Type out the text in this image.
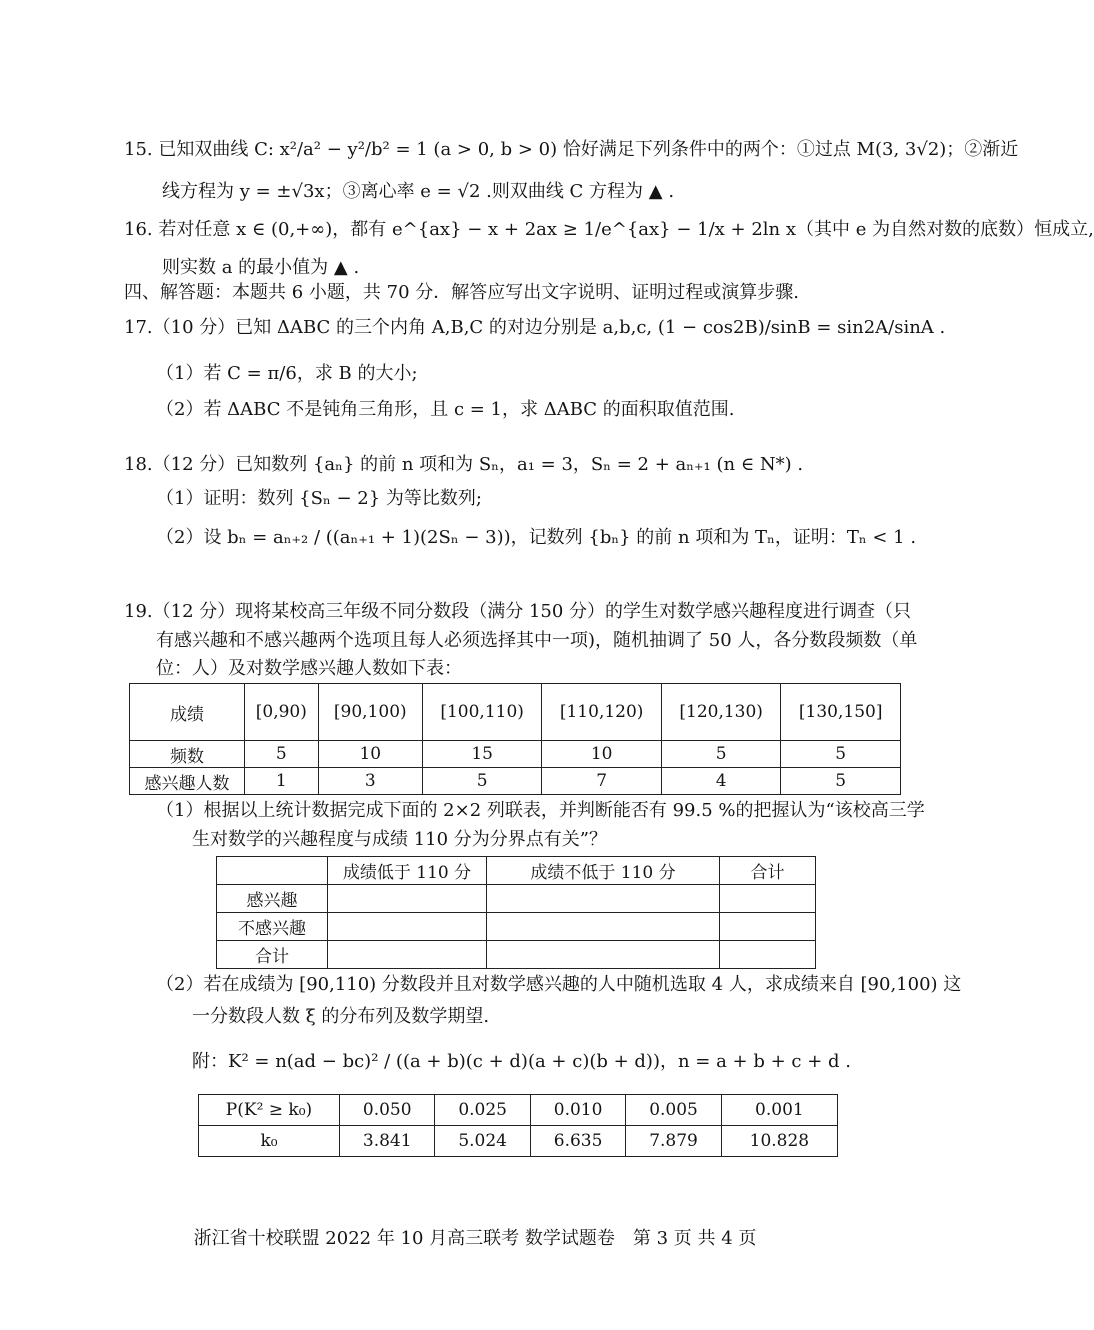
15. 已知双曲线 C: x²/a² − y²/b² = 1 (a > 0, b > 0) 恰好满足下列条件中的两个：①过点 M(3, 3√2)；②渐近
线方程为 y = ±√3x；③离心率 e = √2 .则双曲线 C 方程为 ▲ .
16. 若对任意 x ∈ (0,+∞)，都有 e^{ax} − x + 2ax ≥ 1/e^{ax} − 1/x + 2ln x（其中 e 为自然对数的底数）恒成立,
则实数 a 的最小值为 ▲ .
四、解答题：本题共 6 小题，共 70 分．解答应写出文字说明、证明过程或演算步骤.
17.（10 分）已知 ΔABC 的三个内角 A,B,C 的对边分别是 a,b,c, (1 − cos2B)/sinB = sin2A/sinA .
（1）若 C = π/6，求 B 的大小;
（2）若 ΔABC 不是钝角三角形，且 c = 1，求 ΔABC 的面积取值范围.
18.（12 分）已知数列 {aₙ} 的前 n 项和为 Sₙ，a₁ = 3，Sₙ = 2 + aₙ₊₁ (n ∈ N*) .
（1）证明：数列 {Sₙ − 2} 为等比数列;
（2）设 bₙ = aₙ₊₂ / ((aₙ₊₁ + 1)(2Sₙ − 3))，记数列 {bₙ} 的前 n 项和为 Tₙ，证明：Tₙ < 1 .
19.（12 分）现将某校高三年级不同分数段（满分 150 分）的学生对数学感兴趣程度进行调查（只
有感兴趣和不感兴趣两个选项且每人必须选择其中一项)，随机抽调了 50 人，各分数段频数（单
位：人）及对数学感兴趣人数如下表：
成绩	[0,90)	[90,100)	[100,110)	[110,120)	[120,130)	[130,150]
频数	5	10	15	10	5	5
感兴趣人数	1	3	5	7	4	5
（1）根据以上统计数据完成下面的 2×2 列联表，并判断能否有 99.5 %的把握认为“该校高三学
生对数学的兴趣程度与成绩 110 分为分界点有关”？
	成绩低于 110 分	成绩不低于 110 分	合计
感兴趣			
不感兴趣			
合计			
（2）若在成绩为 [90,110) 分数段并且对数学感兴趣的人中随机选取 4 人，求成绩来自 [90,100) 这
一分数段人数 ξ 的分布列及数学期望.
附：K² = n(ad − bc)² / ((a + b)(c + d)(a + c)(b + d))，n = a + b + c + d .
P(K² ≥ k₀)	0.050	0.025	0.010	0.005	0.001
k₀	3.841	5.024	6.635	7.879	10.828
浙江省十校联盟 2022 年 10 月高三联考 数学试题卷　第 3 页 共 4 页
